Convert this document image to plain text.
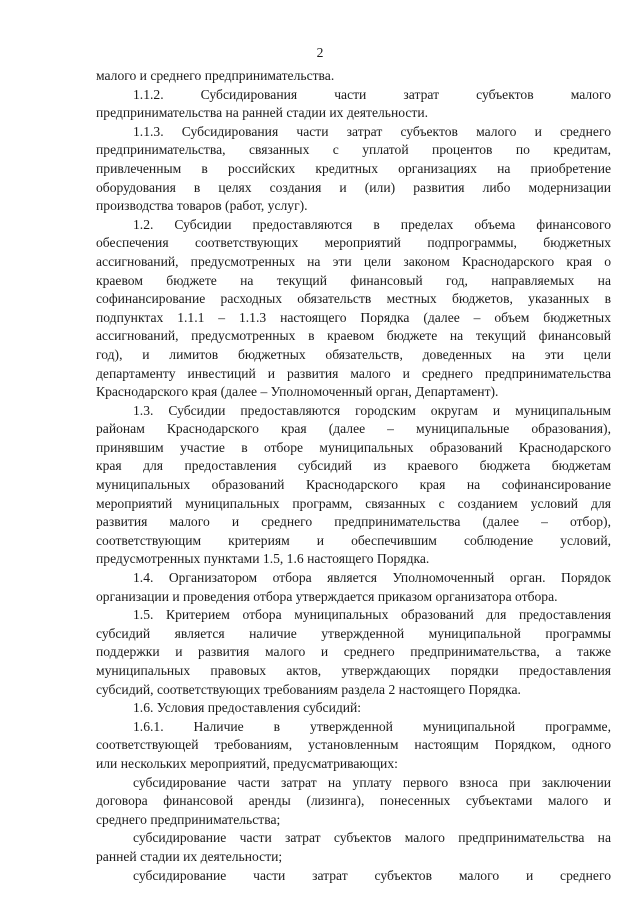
2
малого и среднего предпринимательства.
1.1.2. Субсидирования части затрат субъектов малого
предпринимательства на ранней стадии их деятельности.
1.1.3. Субсидирования части затрат субъектов малого и среднего
предпринимательства, связанных с уплатой процентов по кредитам,
привлеченным в российских кредитных организациях на приобретение
оборудования в целях создания и (или) развития либо модернизации
производства товаров (работ, услуг).
1.2. Субсидии предоставляются в пределах объема финансового
обеспечения соответствующих мероприятий подпрограммы, бюджетных
ассигнований, предусмотренных на эти цели законом Краснодарского края о
краевом бюджете на текущий финансовый год, направляемых на
софинансирование расходных обязательств местных бюджетов, указанных в
подпунктах 1.1.1 – 1.1.3 настоящего Порядка (далее – объем бюджетных
ассигнований, предусмотренных в краевом бюджете на текущий финансовый
год), и лимитов бюджетных обязательств, доведенных на эти цели
департаменту инвестиций и развития малого и среднего предпринимательства
Краснодарского края (далее – Уполномоченный орган, Департамент).
1.3. Субсидии предоставляются городским округам и муниципальным
районам Краснодарского края (далее – муниципальные образования),
принявшим участие в отборе муниципальных образований Краснодарского
края для предоставления субсидий из краевого бюджета бюджетам
муниципальных образований Краснодарского края на софинансирование
мероприятий муниципальных программ, связанных с созданием условий для
развития малого и среднего предпринимательства (далее – отбор),
соответствующим критериям и обеспечившим соблюдение условий,
предусмотренных пунктами 1.5, 1.6 настоящего Порядка.
1.4. Организатором отбора является Уполномоченный орган. Порядок
организации и проведения отбора утверждается приказом организатора отбора.
1.5. Критерием отбора муниципальных образований для предоставления
субсидий является наличие утвержденной муниципальной программы
поддержки и развития малого и среднего предпринимательства, а также
муниципальных правовых актов, утверждающих порядки предоставления
субсидий, соответствующих требованиям раздела 2 настоящего Порядка.
1.6. Условия предоставления субсидий:
1.6.1. Наличие в утвержденной муниципальной программе,
соответствующей требованиям, установленным настоящим Порядком, одного
или нескольких мероприятий, предусматривающих:
субсидирование части затрат на уплату первого взноса при заключении
договора финансовой аренды (лизинга), понесенных субъектами малого и
среднего предпринимательства;
субсидирование части затрат субъектов малого предпринимательства на
ранней стадии их деятельности;
субсидирование части затрат субъектов малого и среднего
